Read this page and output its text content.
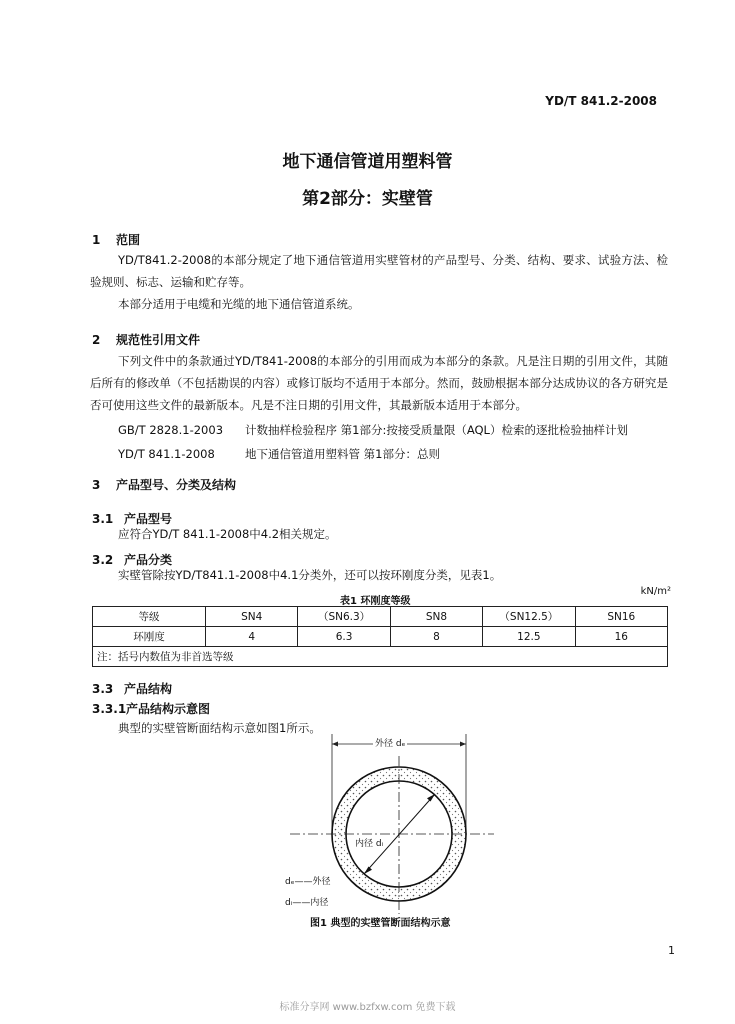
YD/T 841.2-2008
地下通信管道用塑料管
第2部分：实壁管
1 范围

YD/T841.2-2008的本部分规定了地下通信管道用实壁管材的产品型号、分类、结构、要求、试验方法、检验规则、标志、运输和贮存等。

本部分适用于电缆和光缆的地下通信管道系统。

2 规范性引用文件

下列文件中的条款通过YD/T841-2008的本部分的引用而成为本部分的条款。凡是注日期的引用文件，其随后所有的修改单（不包括勘误的内容）或修订版均不适用于本部分。然而，鼓励根据本部分达成协议的各方研究是否可使用这些文件的最新版本。凡是不注日期的引用文件，其最新版本适用于本部分。

GB/T 2828.1-2003 计数抽样检验程序 第1部分:按接受质量限（AQL）检索的逐批检验抽样计划
YD/T 841.1-2008	地下通信管道用塑料管 第1部分：总则
3 产品型号、分类及结构
3.1 产品型号
应符合YD/T 841.1-2008中4.2相关规定。
3.2 产品分类
实壁管除按YD/T841.1-2008中4.1分类外，还可以按环刚度分类，见表1。
表1 环刚度等级
kN/m²
等级	SN4	（SN6.3）	SN8	（SN12.5）	SN16
环刚度	4	6.3	8	12.5	16
注：括号内数值为非首选等级					
3.3 产品结构
3.3.1产品结构示意图
典型的实壁管断面结构示意如图1所示。
外径 dₑ
内径 dᵢ
dₑ——外径
dᵢ——内径
图1 典型的实壁管断面结构示意
1
标准分享网 www.bzfxw.com 免费下载
